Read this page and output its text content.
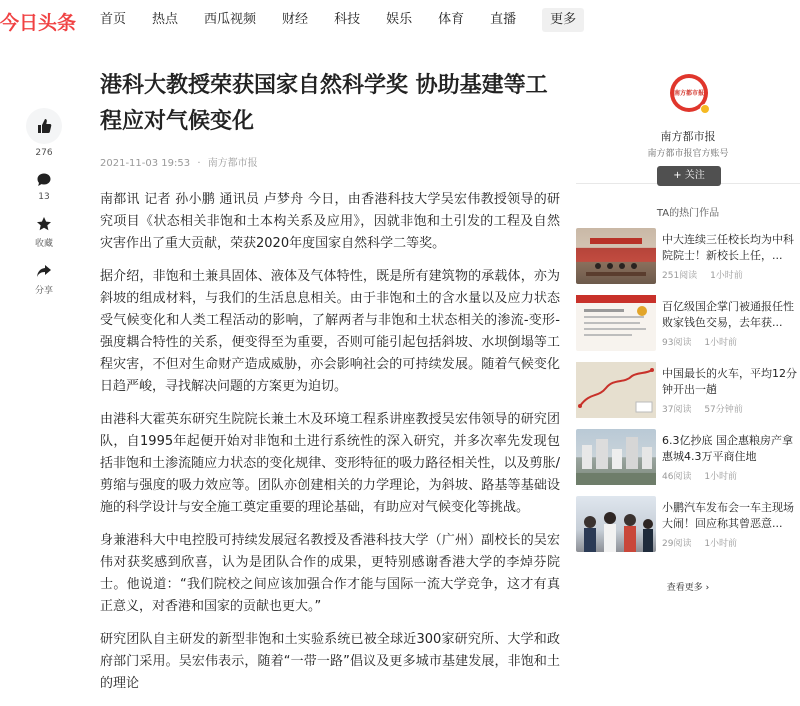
今日头条 首页 热点 西瓜视频 财经 科技 娱乐 体育 直播	更多
276
13
收藏
分享
港科大教授荣获国家自然科学奖 协助基建等工程应对气候变化
2021-11-03 19:53 · 南方都市报

南都讯 记者 孙小鹏 通讯员 卢梦舟 今日，由香港科技大学吴宏伟教授领导的研究项目《状态相关非饱和土本构关系及应用》，因就非饱和土引发的工程及自然灾害作出了重大贡献，荣获2020年度国家自然科学二等奖。

据介绍，非饱和土兼具固体、液体及气体特性，既是所有建筑物的承载体，亦为斜坡的组成材料，与我们的生活息息相关。由于非饱和土的含水量以及应力状态受气候变化和人类工程活动的影响，了解两者与非饱和土状态相关的渗流-变形-强度耦合特性的关系，便变得至为重要，否则可能引起包括斜坡、水坝倒塌等工程灾害，不但对生命财产造成威胁，亦会影响社会的可持续发展。随着气候变化日趋严峻，寻找解决问题的方案更为迫切。

由港科大霍英东研究生院院长兼土木及环境工程系讲座教授吴宏伟领导的研究团队，自1995年起便开始对非饱和土进行系统性的深入研究，并多次率先发现包括非饱和土渗流随应力状态的变化规律、变形特征的吸力路径相关性，以及剪胀/剪缩与强度的吸力效应等。团队亦创建相关的力学理论，为斜坡、路基等基础设施的科学设计与安全施工奠定重要的理论基础，有助应对气候变化等挑战。

身兼港科大中电控股可持续发展冠名教授及香港科技大学（广州）副校长的吴宏伟对获奖感到欣喜，认为是团队合作的成果，更特别感谢香港大学的李焯芬院士。他说道：“我们院校之间应该加强合作才能与国际一流大学竞争，这才有真正意义，对香港和国家的贡献也更大。”

研究团队自主研发的新型非饱和土实验系统已被全球近300家研究所、大学和政府部门采用。吴宏伟表示，随着“一带一路”倡议及更多城市基建发展，非饱和土的理论

南方都市报
南方都市报
南方都市报官方账号
+ 关注
TA的热门作品
中大连续三任校长均为中科院院士！新校长上任，...
251阅读 1小时前
百亿级国企掌门被通报任性败家钱色交易，去年获...
93阅读 1小时前
中国最长的火车，平均12分钟开出一趟
37阅读 57分钟前
6.3亿抄底 国企惠粮房产拿惠城4.3万平商住地
46阅读 1小时前
小鹏汽车发布会一车主现场大闹！回应称其曾恶意...
29阅读 1小时前
查看更多 ›
